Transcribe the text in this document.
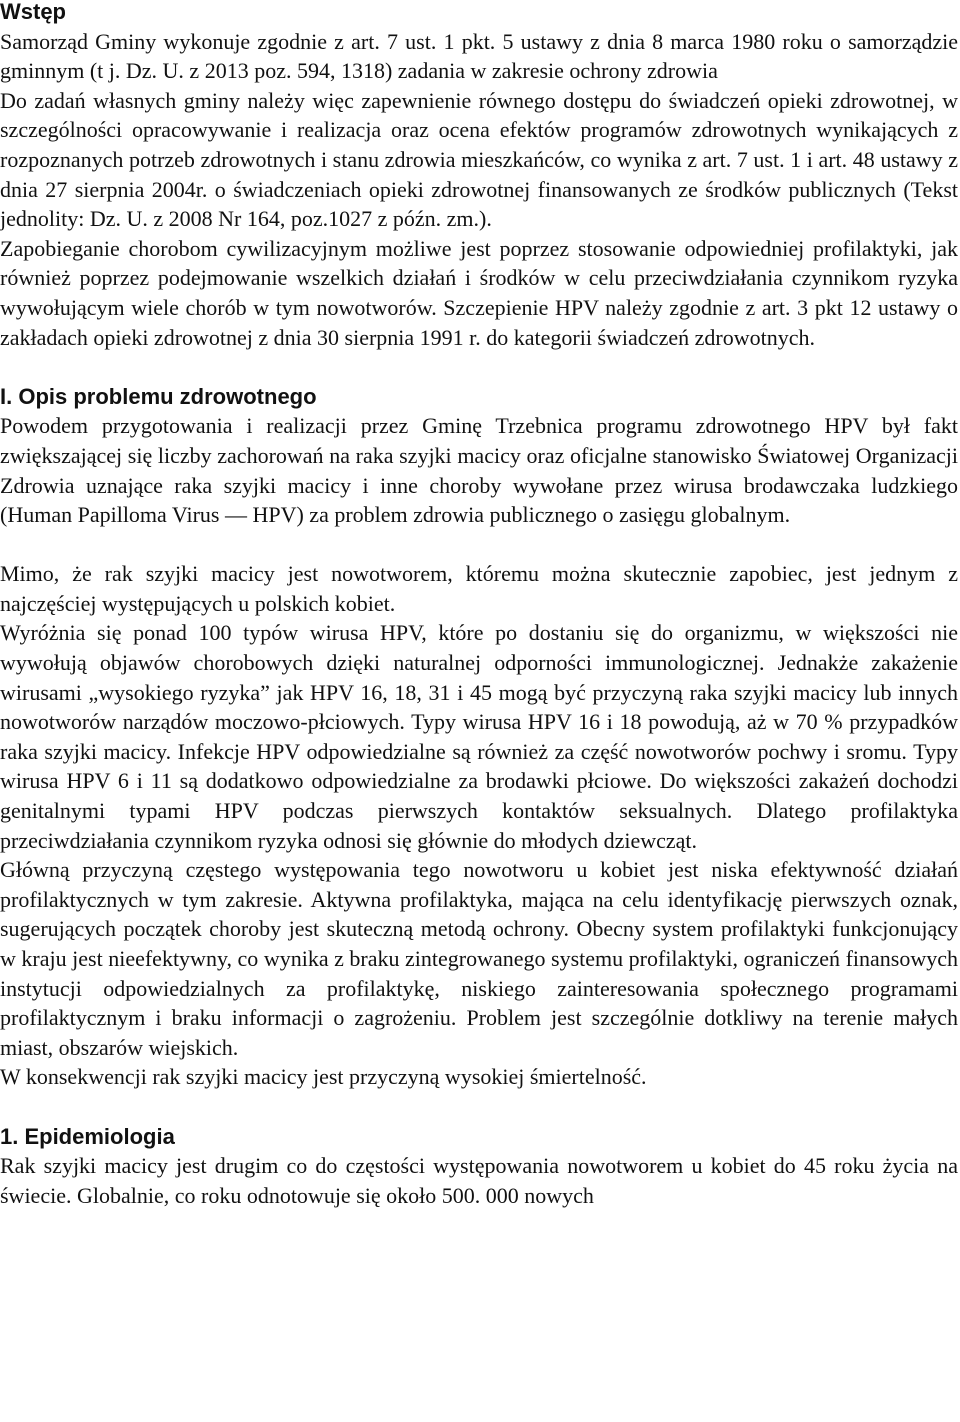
Wstęp

Samorząd Gminy wykonuje zgodnie z art. 7 ust. 1 pkt. 5 ustawy z dnia 8 marca 1980 roku o samorządzie gminnym (t j. Dz. U. z 2013 poz. 594, 1318) zadania w zakresie ochrony zdrowia

Do zadań własnych gminy należy więc zapewnienie równego dostępu do świadczeń opieki zdrowotnej, w szczególności opracowywanie i realizacja oraz ocena efektów programów zdrowotnych wynikających z rozpoznanych potrzeb zdrowotnych i stanu zdrowia mieszkańców, co wynika z art. 7 ust. 1 i art. 48 ustawy z dnia 27 sierpnia 2004r. o świadczeniach opieki zdrowotnej finansowanych ze środków publicznych (Tekst jednolity: Dz. U. z 2008 Nr 164, poz.1027 z późn. zm.).

Zapobieganie chorobom cywilizacyjnym możliwe jest poprzez stosowanie odpowiedniej profilaktyki, jak również poprzez podejmowanie wszelkich działań i środków w celu przeciwdziałania czynnikom ryzyka wywołującym wiele chorób w tym nowotworów. Szczepienie HPV należy zgodnie z art. 3 pkt 12 ustawy o zakładach opieki zdrowotnej z dnia 30 sierpnia 1991 r. do kategorii świadczeń zdrowotnych.

I. Opis problemu zdrowotnego

Powodem przygotowania i realizacji przez Gminę Trzebnica programu zdrowotnego HPV był fakt zwiększającej się liczby zachorowań na raka szyjki macicy oraz oficjalne stanowisko Światowej Organizacji Zdrowia uznające raka szyjki macicy i inne choroby wywołane przez wirusa brodawczaka ludzkiego (Human Papilloma Virus — HPV) za problem zdrowia publicznego o zasięgu globalnym.

Mimo, że rak szyjki macicy jest nowotworem, któremu można skutecznie zapobiec, jest jednym z najczęściej występujących u polskich kobiet.

Wyróżnia się ponad 100 typów wirusa HPV, które po dostaniu się do organizmu, w większości nie wywołują objawów chorobowych dzięki naturalnej odporności immunologicznej. Jednakże zakażenie wirusami „wysokiego ryzyka” jak HPV 16, 18, 31 i 45 mogą być przyczyną raka szyjki macicy lub innych nowotworów narządów moczowo-płciowych. Typy wirusa HPV 16 i 18 powodują, aż w 70 % przypadków raka szyjki macicy. Infekcje HPV odpowiedzialne są również za część nowotworów pochwy i sromu. Typy wirusa HPV 6 i 11 są dodatkowo odpowiedzialne za brodawki płciowe. Do większości zakażeń dochodzi genitalnymi typami HPV podczas pierwszych kontaktów seksualnych. Dlatego profilaktyka przeciwdziałania czynnikom ryzyka odnosi się głównie do młodych dziewcząt.

Główną przyczyną częstego występowania tego nowotworu u kobiet jest niska efektywność działań profilaktycznych w tym zakresie. Aktywna profilaktyka, mająca na celu identyfikację pierwszych oznak, sugerujących początek choroby jest skuteczną metodą ochrony. Obecny system profilaktyki funkcjonujący w kraju jest nieefektywny, co wynika z braku zintegrowanego systemu profilaktyki, ograniczeń finansowych instytucji odpowiedzialnych za profilaktykę, niskiego zainteresowania społecznego programami profilaktycznym i braku informacji o zagrożeniu. Problem jest szczególnie dotkliwy na terenie małych miast, obszarów wiejskich.

W konsekwencji rak szyjki macicy jest przyczyną wysokiej śmiertelność.

1. Epidemiologia

Rak szyjki macicy jest drugim co do częstości występowania nowotworem u kobiet do 45 roku życia na świecie. Globalnie, co roku odnotowuje się około 500. 000 nowych
